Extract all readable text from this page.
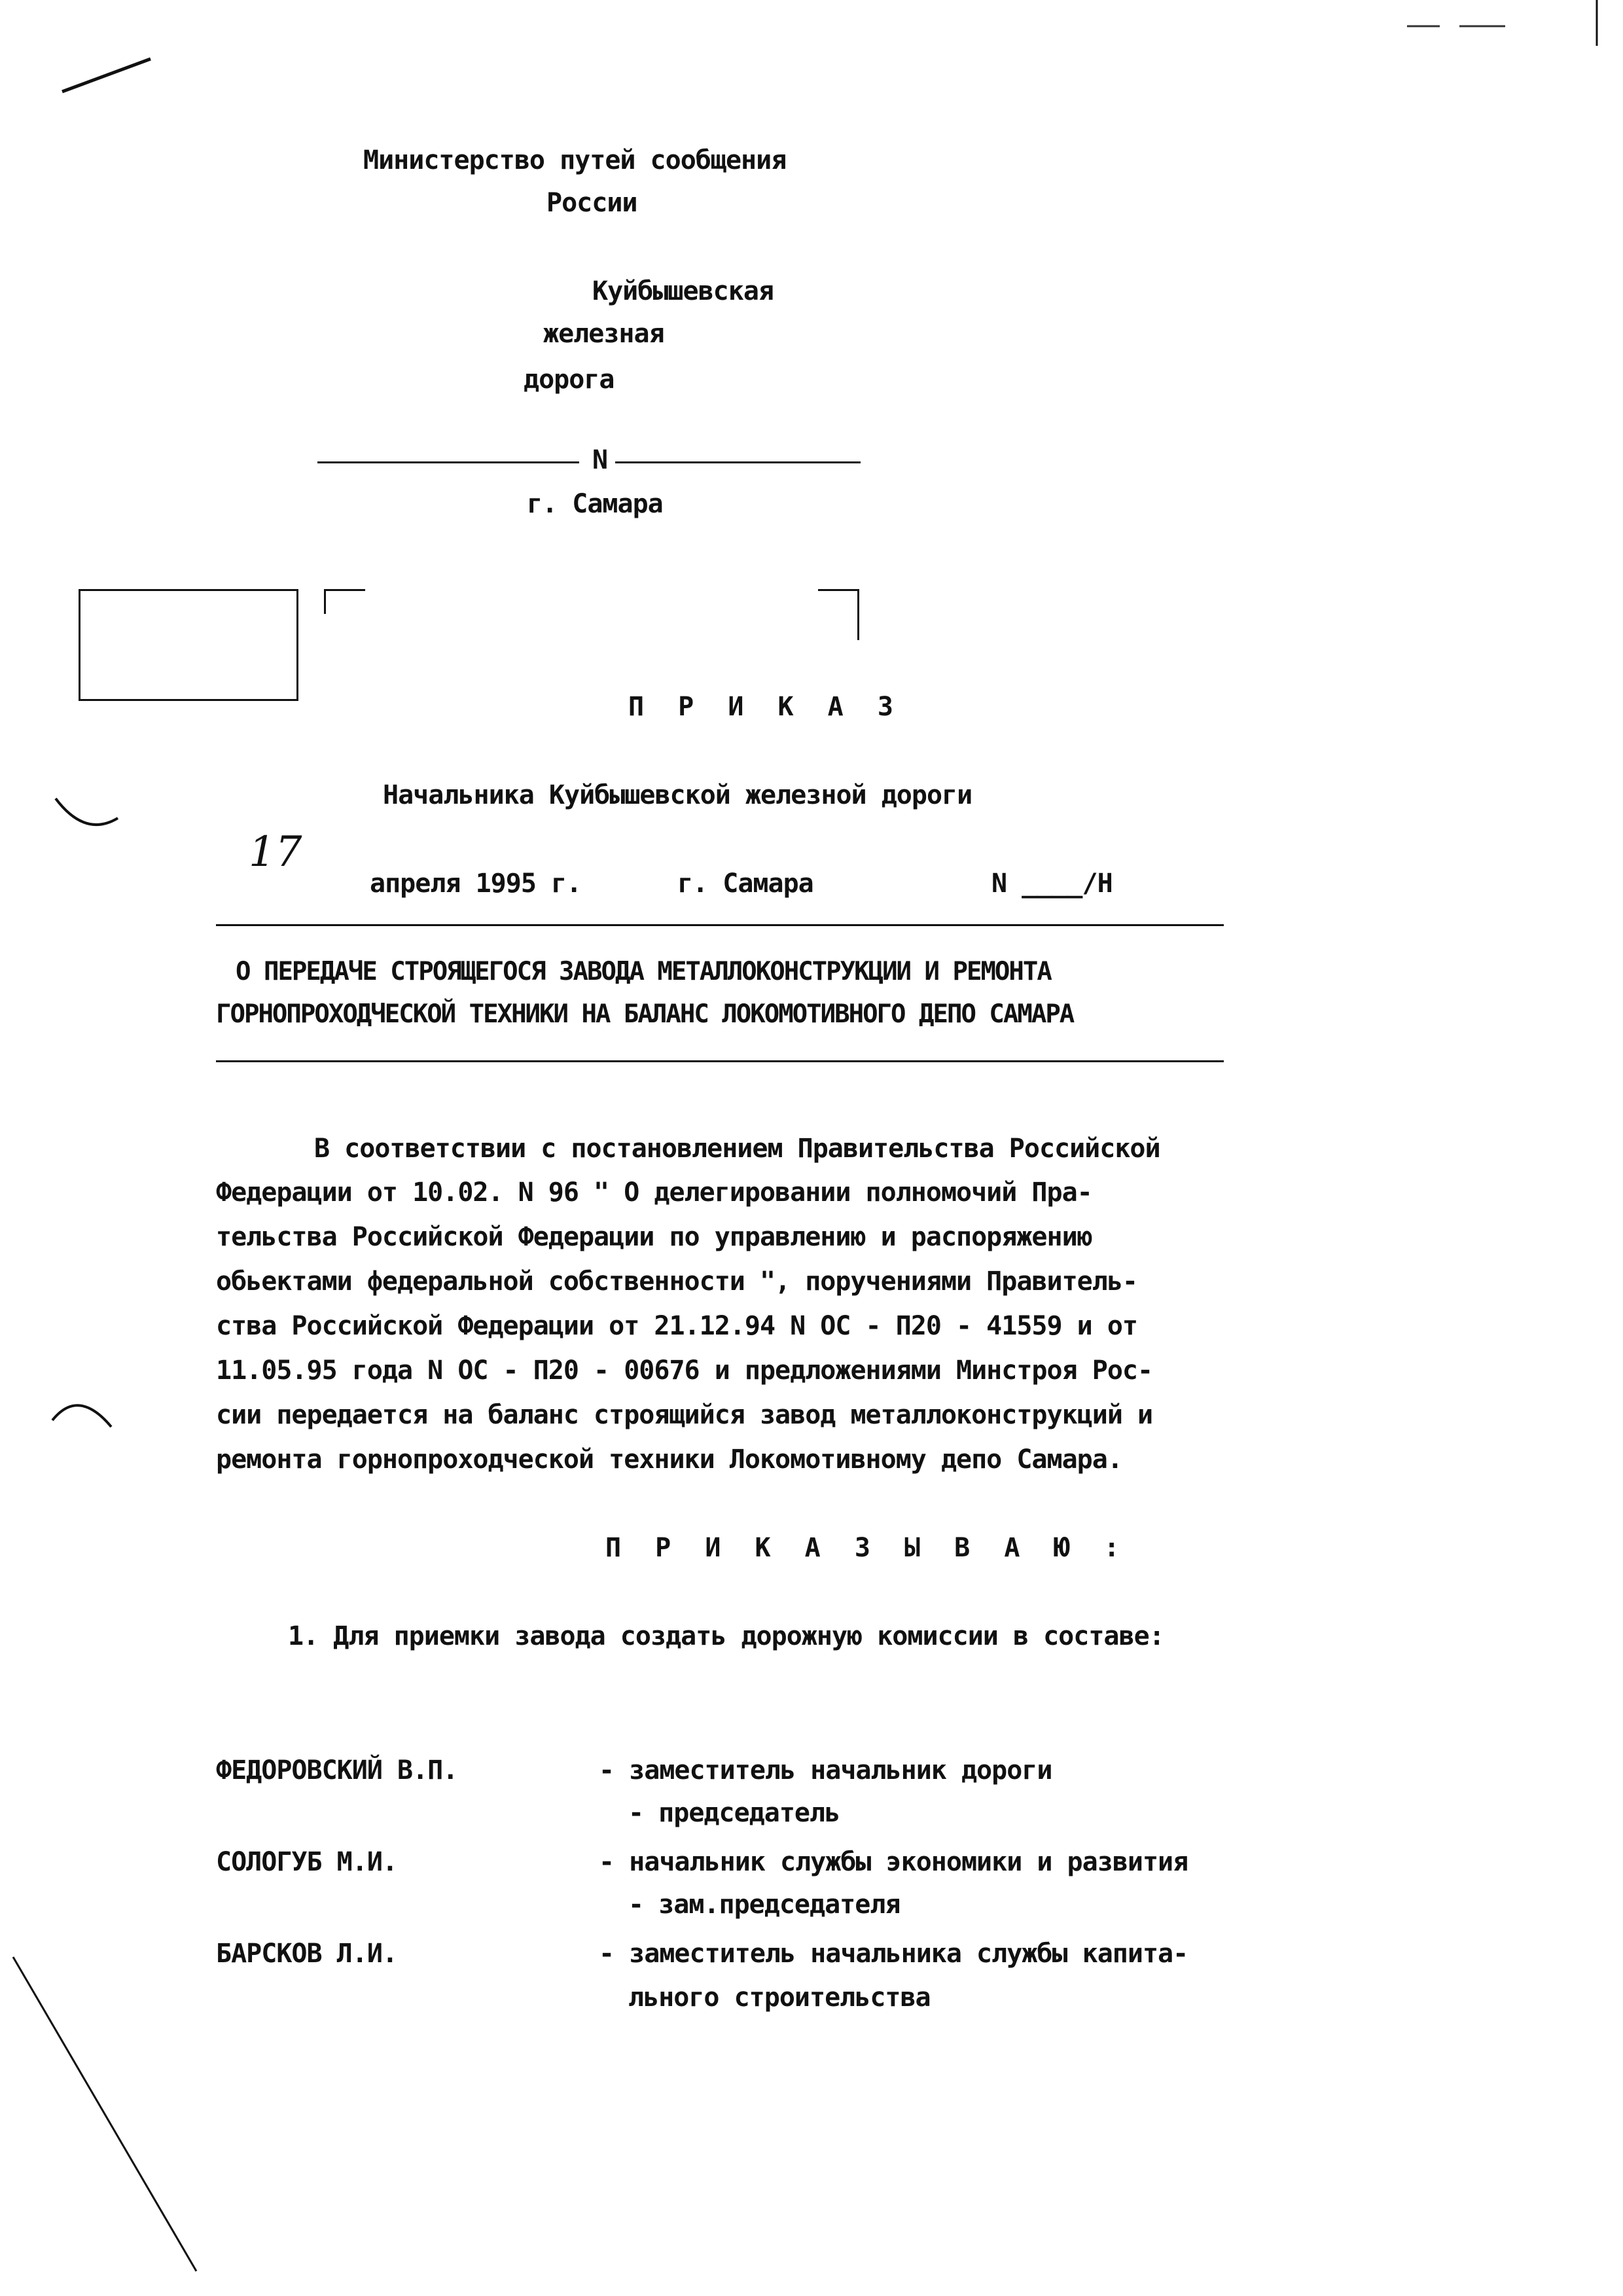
Министерство путей сообщения
России
Куйбышевская
железная
дорога
N
г. Самара
П Р И К А З
Начальника Куйбышевской железной дороги
17
апреля 1995 г.	г. Самара	N ____/Н
О ПЕРЕДАЧЕ СТРОЯЩЕГОСЯ ЗАВОДА МЕТАЛЛОКОНСТРУКЦИИ И РЕМОНТА
ГОРНОПРОХОДЧЕСКОЙ ТЕХНИКИ НА БАЛАНС ЛОКОМОТИВНОГО ДЕПО САМАРА
В соответствии с постановлением Правительства Российской
Федерации от 10.02. N 96 " О делегировании полномочий Пра-
тельства Российской Федерации по управлению и распоряжению
обьектами федеральной собственности ", поручениями Правитель-
ства Российской Федерации от 21.12.94 N ОС - П20 - 41559 и от
11.05.95 года N ОС - П20 - 00676 и предложениями Минстроя Рос-
сии передается на баланс строящийся завод металлоконструкций и
ремонта горнопроходческой техники Локомотивному депо Самара.
П Р И К А З Ы В А Ю :
1. Для приемки завода создать дорожную комиссии в составе:
ФЕДОРОВСКИЙ В.П.	- заместитель начальник дороги
- председатель
СОЛОГУБ М.И.	- начальник службы экономики и развития
- зам.председателя
БАРСКОВ Л.И.	- заместитель начальника службы капита-
льного строительства
